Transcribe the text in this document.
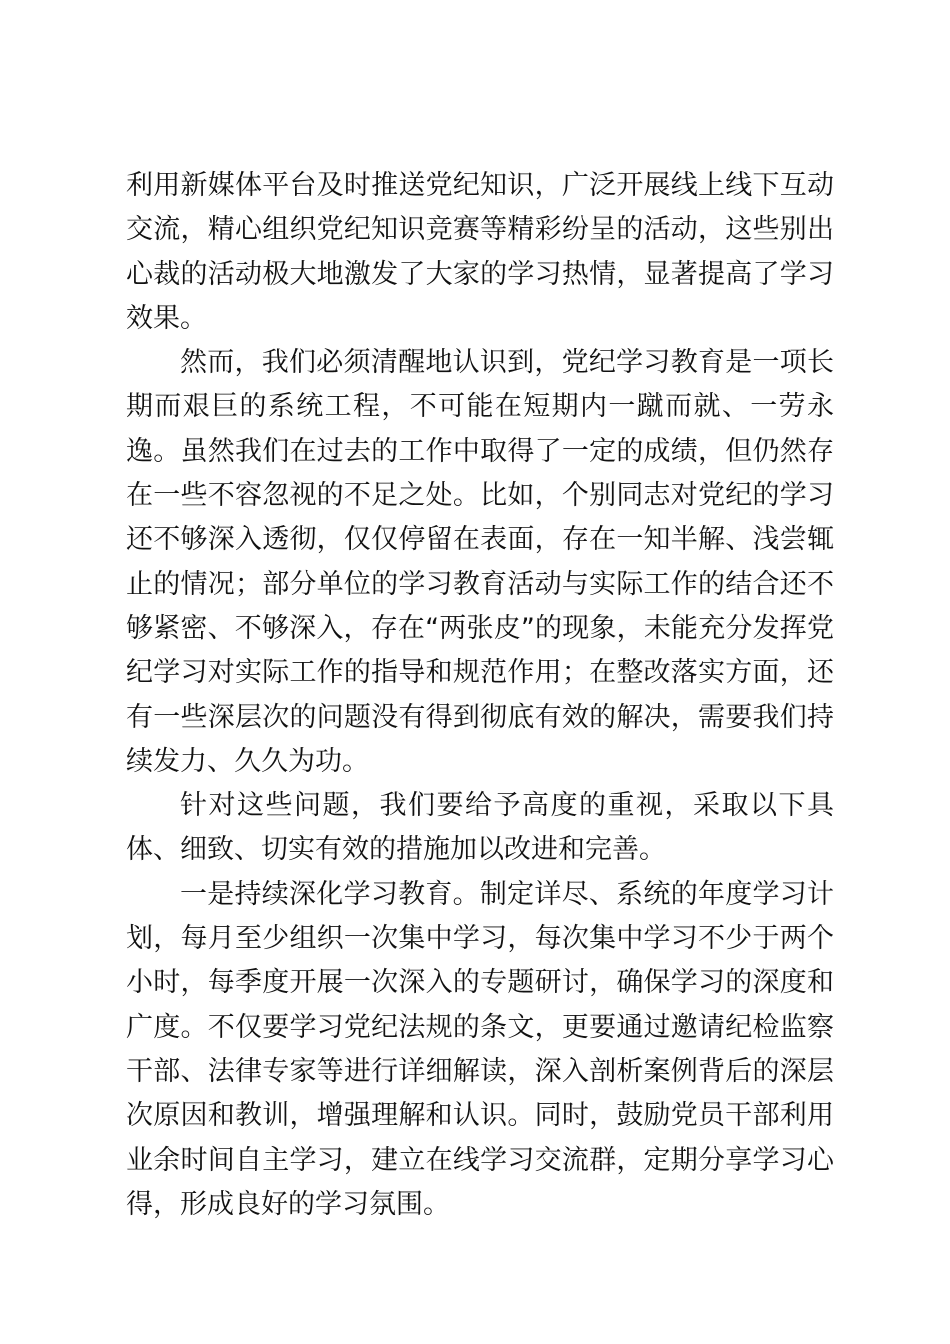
利用新媒体平台及时推送党纪知识，广泛开展线上线下互动交流，精心组织党纪知识竞赛等精彩纷呈的活动，这些别出心裁的活动极大地激发了大家的学习热情，显著提高了学习效果。

然而，我们必须清醒地认识到，党纪学习教育是一项长期而艰巨的系统工程，不可能在短期内一蹴而就、一劳永逸。虽然我们在过去的工作中取得了一定的成绩，但仍然存在一些不容忽视的不足之处。比如，个别同志对党纪的学习还不够深入透彻，仅仅停留在表面，存在一知半解、浅尝辄止的情况；部分单位的学习教育活动与实际工作的结合还不够紧密、不够深入，存在“两张皮”的现象，未能充分发挥党纪学习对实际工作的指导和规范作用；在整改落实方面，还有一些深层次的问题没有得到彻底有效的解决，需要我们持续发力、久久为功。

针对这些问题，我们要给予高度的重视，采取以下具体、细致、切实有效的措施加以改进和完善。

一是持续深化学习教育。制定详尽、系统的年度学习计划，每月至少组织一次集中学习，每次集中学习不少于两个小时，每季度开展一次深入的专题研讨，确保学习的深度和广度。不仅要学习党纪法规的条文，更要通过邀请纪检监察干部、法律专家等进行详细解读，深入剖析案例背后的深层次原因和教训，增强理解和认识。同时，鼓励党员干部利用业余时间自主学习，建立在线学习交流群，定期分享学习心得，形成良好的学习氛围。
